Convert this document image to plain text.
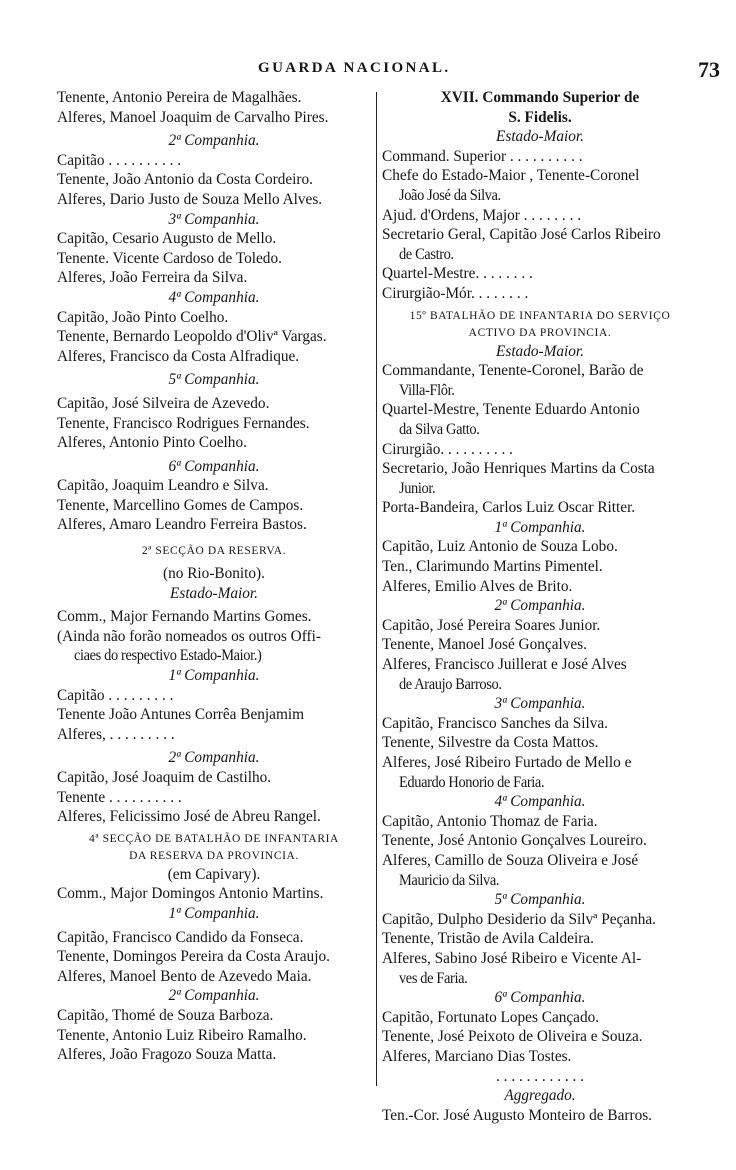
GUARDA NACIONAL.	73
Tenente, Antonio Pereira de Magalhães.
Alferes, Manoel Joaquim de Carvalho Pires.
2ª Companhia.
Capitão . . . . . . . . . .
Tenente, João Antonio da Costa Cordeiro.
Alferes, Dario Justo de Souza Mello Alves.
3ª Companhia.
Capitão, Cesario Augusto de Mello.
Tenente. Vicente Cardoso de Toledo.
Alferes, João Ferreira da Silva.
4ª Companhia.
Capitão, João Pinto Coelho.
Tenente, Bernardo Leopoldo d'Olivª Vargas.
Alferes, Francisco da Costa Alfradique.
5ª Companhia.
Capitão, José Silveira de Azevedo.
Tenente, Francisco Rodrigues Fernandes.
Alferes, Antonio Pinto Coelho.
6ª Companhia.
Capitão, Joaquim Leandro e Silva.
Tenente, Marcellino Gomes de Campos.
Alferes, Amaro Leandro Ferreira Bastos.
2ª SECÇÃO DA RESERVA.
(no Rio-Bonito).
Estado-Maior.
Comm., Major Fernando Martins Gomes.
(Ainda não forão nomeados os outros Offi-
ciaes do respectivo Estado-Maior.)
1ª Companhia.
Capitão . . . . . . . . .
Tenente João Antunes Corrêa Benjamim
Alferes, . . . . . . . . .
2ª Companhia.
Capitão, José Joaquim de Castilho.
Tenente . . . . . . . . . .
Alferes, Felicissimo José de Abreu Rangel.
4ª SECÇÃO DE BATALHÃO DE INFANTARIA
DA RESERVA DA PROVINCIA.
(em Capivary).
Comm., Major Domingos Antonio Martins.
1ª Companhia.
Capitão, Francisco Candido da Fonseca.
Tenente, Domingos Pereira da Costa Araujo.
Alferes, Manoel Bento de Azevedo Maia.
2ª Companhia.
Capitão, Thomé de Souza Barboza.
Tenente, Antonio Luiz Ribeiro Ramalho.
Alferes, João Fragozo Souza Matta.
XVII. Commando Superior de
S. Fidelis.
Estado-Maior.
Command. Superior . . . . . . . . . .
Chefe do Estado-Maior , Tenente-Coronel
João José da Silva.
Ajud. d'Ordens, Major . . . . . . . .
Secretario Geral, Capitão José Carlos Ribeiro
de Castro.
Quartel-Mestre. . . . . . . .
Cirurgião-Mór. . . . . . . .
15º BATALHÃO DE INFANTARIA DO SERVIÇO
ACTIVO DA PROVINCIA.
Estado-Maior.
Commandante, Tenente-Coronel, Barão de
Villa-Flôr.
Quartel-Mestre, Tenente Eduardo Antonio
da Silva Gatto.
Cirurgião. . . . . . . . . .
Secretario, João Henriques Martins da Costa
Junior.
Porta-Bandeira, Carlos Luiz Oscar Ritter.
1ª Companhia.
Capitão, Luiz Antonio de Souza Lobo.
Ten., Clarimundo Martins Pimentel.
Alferes, Emilio Alves de Brito.
2ª Companhia.
Capitão, José Pereira Soares Junior.
Tenente, Manoel José Gonçalves.
Alferes, Francisco Juillerat e José Alves
de Araujo Barroso.
3ª Companhia.
Capitão, Francisco Sanches da Silva.
Tenente, Silvestre da Costa Mattos.
Alferes, José Ribeiro Furtado de Mello e
Eduardo Honorio de Faria.
4ª Companhia.
Capitão, Antonio Thomaz de Faria.
Tenente, José Antonio Gonçalves Loureiro.
Alferes, Camillo de Souza Oliveira e José
Mauricio da Silva.
5ª Companhia.
Capitão, Dulpho Desiderio da Silvª Peçanha.
Tenente, Tristão de Avila Caldeira.
Alferes, Sabino José Ribeiro e Vicente Al-
ves de Faria.
6ª Companhia.
Capitão, Fortunato Lopes Cançado.
Tenente, José Peixoto de Oliveira e Souza.
Alferes, Marciano Dias Tostes.
. . . . . . . . . . . .
Aggregado.
Ten.-Cor. José Augusto Monteiro de Barros.
